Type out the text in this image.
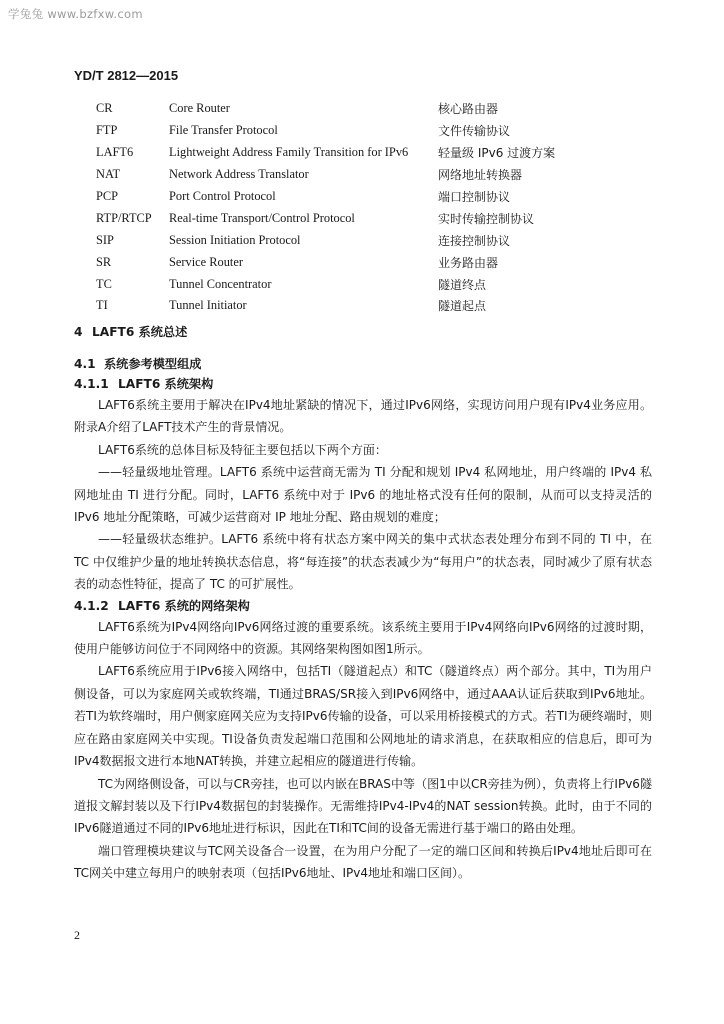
学兔兔 www.bzfxw.com
YD/T 2812—2015
CR	Core Router	核心路由器
FTP	File Transfer Protocol	文件传输协议
LAFT6	Lightweight Address Family Transition for IPv6	轻量级 IPv6 过渡方案
NAT	Network Address Translator	网络地址转换器
PCP	Port Control Protocol	端口控制协议
RTP/RTCP	Real-time Transport/Control Protocol	实时传输控制协议
SIP	Session Initiation Protocol	连接控制协议
SR	Service Router	业务路由器
TC	Tunnel Concentrator	隧道终点
TI	Tunnel Initiator	隧道起点
4 LAFT6 系统总述
4.1 系统参考模型组成
4.1.1 LAFT6 系统架构

LAFT6系统主要用于解决在IPv4地址紧缺的情况下，通过IPv6网络，实现访问用户现有IPv4业务应用。附录A介绍了LAFT技术产生的背景情况。

LAFT6系统的总体目标及特征主要包括以下两个方面：

——轻量级地址管理。LAFT6 系统中运营商无需为 TI 分配和规划 IPv4 私网地址，用户终端的 IPv4 私网地址由 TI 进行分配。同时，LAFT6 系统中对于 IPv6 的地址格式没有任何的限制，从而可以支持灵活的 IPv6 地址分配策略，可减少运营商对 IP 地址分配、路由规划的难度；

——轻量级状态维护。LAFT6 系统中将有状态方案中网关的集中式状态表处理分布到不同的 TI 中，在 TC 中仅维护少量的地址转换状态信息，将“每连接”的状态表减少为“每用户”的状态表，同时减少了原有状态表的动态性特征，提高了 TC 的可扩展性。

4.1.2 LAFT6 系统的网络架构

LAFT6系统为IPv4网络向IPv6网络过渡的重要系统。该系统主要用于IPv4网络向IPv6网络的过渡时期，使用户能够访问位于不同网络中的资源。其网络架构图如图1所示。

LAFT6系统应用于IPv6接入网络中，包括TI（隧道起点）和TC（隧道终点）两个部分。其中，TI为用户侧设备，可以为家庭网关或软终端，TI通过BRAS/SR接入到IPv6网络中，通过AAA认证后获取到IPv6地址。若TI为软终端时，用户侧家庭网关应为支持IPv6传输的设备，可以采用桥接模式的方式。若TI为硬终端时，则应在路由家庭网关中实现。TI设备负责发起端口范围和公网地址的请求消息，在获取相应的信息后，即可为IPv4数据报文进行本地NAT转换，并建立起相应的隧道进行传输。

TC为网络侧设备，可以与CR旁挂，也可以内嵌在BRAS中等（图1中以CR旁挂为例），负责将上行IPv6隧道报文解封装以及下行IPv4数据包的封装操作。无需维持IPv4-IPv4的NAT session转换。此时，由于不同的IPv6隧道通过不同的IPv6地址进行标识，因此在TI和TC间的设备无需进行基于端口的路由处理。

端口管理模块建议与TC网关设备合一设置，在为用户分配了一定的端口区间和转换后IPv4地址后即可在TC网关中建立每用户的映射表项（包括IPv6地址、IPv4地址和端口区间）。

2
